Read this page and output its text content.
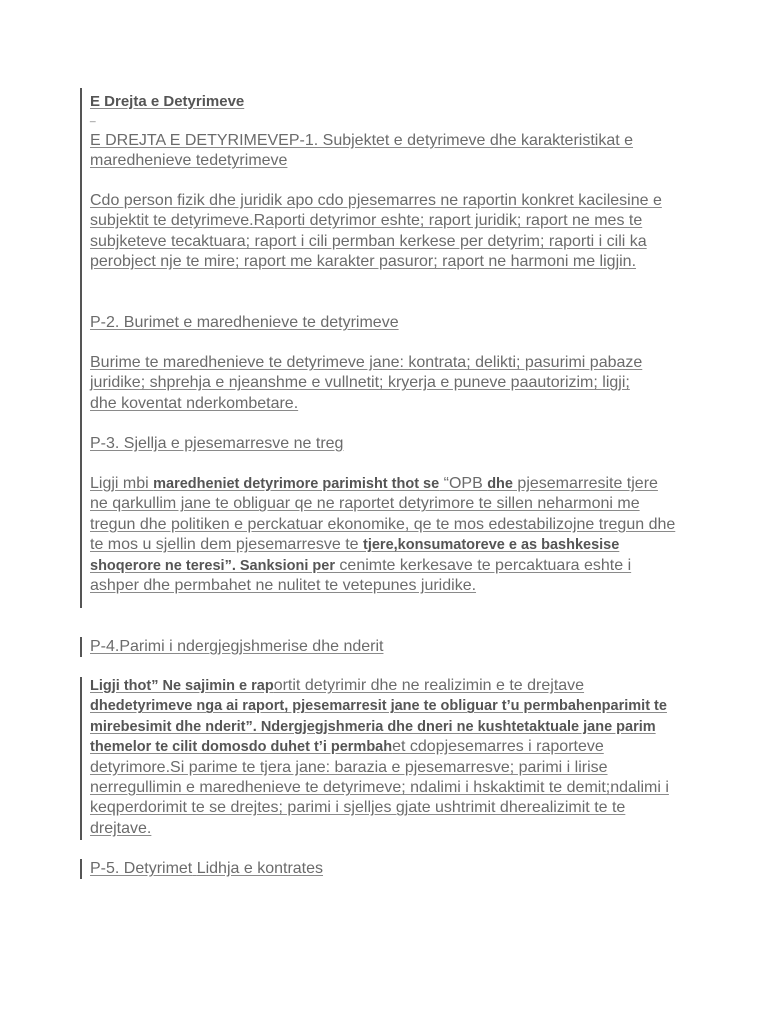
E Drejta e Detyrimeve
_
E DREJTA E DETYRIMEVEP-1. Subjektet e detyrimeve dhe karakteristikat e maredhenieve tedetyrimeve
Cdo person fizik dhe juridik apo cdo pjesemarres ne raportin konkret kacilesine e subjektit te detyrimeve.Raporti detyrimor eshte; raport juridik; raport ne mes te subjketeve tecaktuara; raport i cili permban kerkese per detyrim; raporti i cili ka perobject nje te mire; raport me karakter pasuror; raport ne harmoni me ligjin.
P-2. Burimet e maredhenieve te detyrimeve
Burime te maredhenieve te detyrimeve jane: kontrata; delikti; pasurimi pabaze juridike; shprehja e njeanshme e vullnetit; kryerja e puneve paautorizim; ligji; dhe koventat nderkombetare.
P-3. Sjellja e pjesemarresve ne treg
Ligji mbi maredheniet detyrimore parimisht thot se “OPB dhe pjesemarresite tjere ne qarkullim jane te obliguar qe ne raportet detyrimore te sillen neharmoni me tregun dhe politiken e perckatuar ekonomike, qe te mos edestabilizojne tregun dhe te mos u sjellin dem pjesemarresve te tjere,konsumatoreve e as bashkesise shoqerore ne teresi”. Sanksioni per cenimte kerkesave te percaktuara eshte i ashper dhe permbahet ne nulitet te vetepunes juridike.
P-4.Parimi i ndergjegjshmerise dhe nderit
Ligji thot” Ne sajimin e raportit detyrimir dhe ne realizimin e te drejtave dhedetyrimeve nga ai raport, pjesemarresit jane te obliguar t’u permbahenparimit te mirebesimit dhe nderit”. Ndergjegjshmeria dhe dneri ne kushtetaktuale jane parim themelor te cilit domosdo duhet t’i permbahet cdopjesemarres i raporteve detyrimore.Si parime te tjera jane: barazia e pjesemarresve; parimi i lirise nerregullimin e maredhenieve te detyrimeve; ndalimi i hskaktimit te demit;ndalimi i keqperdorimit te se drejtes; parimi i sjelljes gjate ushtrimit dherealizimit te te drejtave.
P-5. Detyrimet Lidhja e kontrates
